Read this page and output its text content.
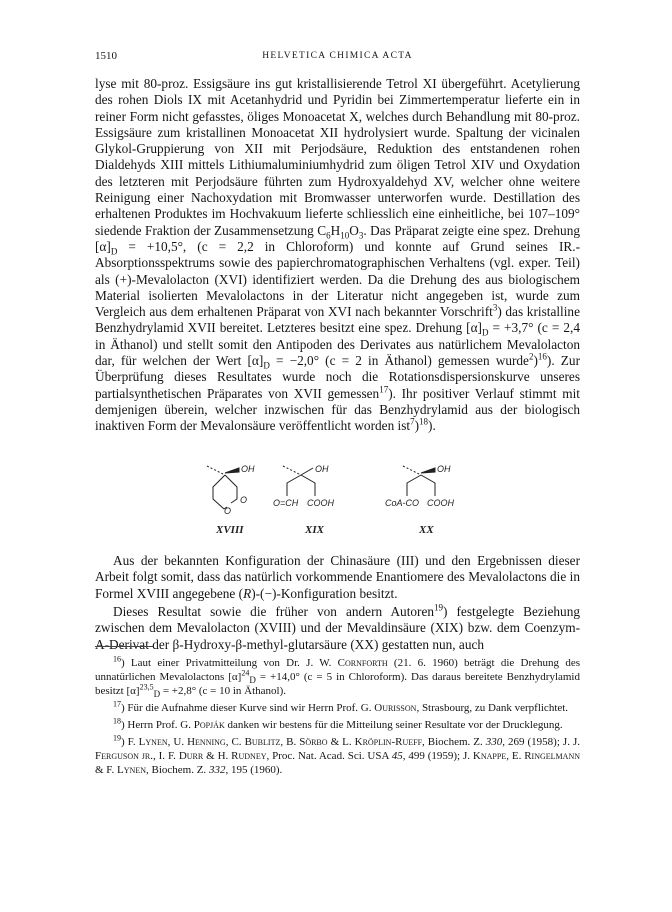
1510	HELVETICA CHIMICA ACTA

lyse mit 80-proz. Essigsäure ins gut kristallisierende Tetrol XI übergeführt. Acetylierung des rohen Diols IX mit Acetanhydrid und Pyridin bei Zimmertemperatur lieferte ein in reiner Form nicht gefasstes, öliges Monoacetat X, welches durch Behandlung mit 80-proz. Essigsäure zum kristallinen Monoacetat XII hydrolysiert wurde. Spaltung der vicinalen Glykol-Gruppierung von XII mit Perjodsäure, Reduktion des entstandenen rohen Dialdehyds XIII mittels Lithiumaluminiumhydrid zum öligen Tetrol XIV und Oxydation des letzteren mit Perjodsäure führten zum Hydroxyaldehyd XV, welcher ohne weitere Reinigung einer Nachoxydation mit Bromwasser unterworfen wurde. Destillation des erhaltenen Produktes im Hochvakuum lieferte schliesslich eine einheitliche, bei 107–109° siedende Fraktion der Zusammensetzung $C_6H_{10}O_3$. Das Präparat zeigte eine spez. Drehung $[\alpha]_D = +10,5^\circ$, (c = 2,2 in Chloroform) und konnte auf Grund seines IR.-Absorptionsspektrums sowie des papierchromatographischen Verhaltens (vgl. exper. Teil) als (+)-Mevalolacton (XVI) identifiziert werden. Da die Drehung des aus biologischem Material isolierten Mevalolactons in der Literatur nicht angegeben ist, wurde zum Vergleich aus dem erhaltenen Präparat von XVI nach bekannter Vorschrift$^3$) das kristalline Benzhydrylamid XVII bereitet. Letzteres besitzt eine spez. Drehung $[\alpha]_D = +3,7^\circ$ (c = 2,4 in Äthanol) und stellt somit den Antipoden des Derivates aus natürlichem Mevalolacton dar, für welchen der Wert $[\alpha]_D = -2,0^\circ$ (c = 2 in Äthanol) gemessen wurde$^2$)$^{16}$). Zur Überprüfung dieses Resultates wurde noch die Rotationsdispersionskurve unseres partialsynthetischen Präparates von XVII gemessen$^{17}$). Ihr positiver Verlauf stimmt mit demjenigen überein, welcher inzwischen für das Benzhydrylamid aus der biologisch inaktiven Form der Mevalonsäure veröffentlicht worden ist$^7$)$^{18}$).

OH
O
O
OH
O=CH COOH
OH
CoA-CO COOH
XVIII	XIX	XX

Aus der bekannten Konfiguration der Chinasäure (III) und den Ergebnissen dieser Arbeit folgt somit, dass das natürlich vorkommende Enantiomere des Mevalolactons die in Formel XVIII angegebene (R)-(−)-Konfiguration besitzt.

Dieses Resultat sowie die früher von andern Autoren$^{19}$) festgelegte Beziehung zwischen dem Mevalolacton (XVIII) und der Mevaldinsäure (XIX) bzw. dem Coenzym-A-Derivat der β-Hydroxy-β-methyl-glutarsäure (XX) gestatten nun, auch

$^{16}$) Laut einer Privatmitteilung von Dr. J. W. Cornforth (21. 6. 1960) beträgt die Drehung des unnatürlichen Mevalolactons $[\alpha]^{24}_D = +14,0^\circ$ (c = 5 in Chloroform). Das daraus bereitete Benzhydrylamid besitzt $[\alpha]^{23,5}_D = +2,8^\circ$ (c = 10 in Äthanol).

$^{17}$) Für die Aufnahme dieser Kurve sind wir Herrn Prof. G. Ourisson, Strasbourg, zu Dank verpflichtet.

$^{18}$) Herrn Prof. G. Popják danken wir bestens für die Mitteilung seiner Resultate vor der Drucklegung.

$^{19}$) F. Lynen, U. Henning, C. Bublitz, B. Sörbo & L. Kröplin-Rueff, Biochem. Z. 330, 269 (1958); J. J. Ferguson jr., I. F. Durr & H. Rudney, Proc. Nat. Acad. Sci. USA 45, 499 (1959); J. Knappe, E. Ringelmann & F. Lynen, Biochem. Z. 332, 195 (1960).
